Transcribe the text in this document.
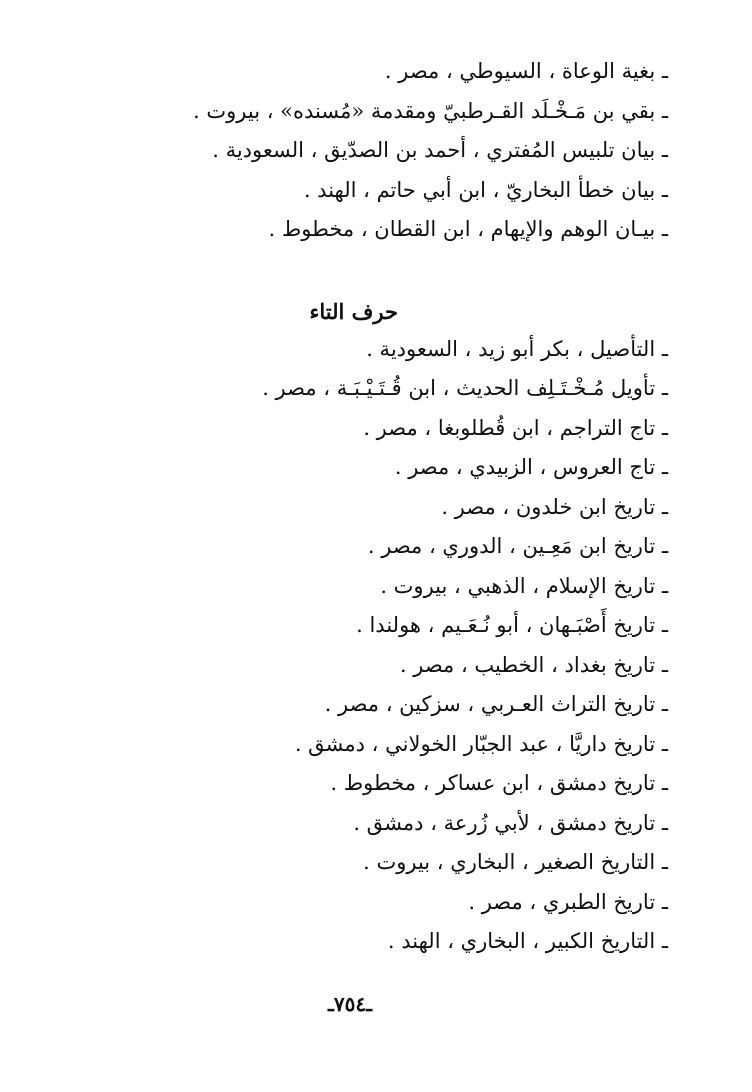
ـ بغية الوعاة ، السيوطي ، مصر .
ـ بقي بن مَـخْـلَد القـرطبيّ ومقدمة «مُسنده» ، بيروت .
ـ بيان تلبيس المُفتري ، أحمد بن الصدّيق ، السعودية .
ـ بيان خطأ البخاريّ ، ابن أبي حاتم ، الهند .
ـ بيـان الوهم والإيهام ، ابن القطان ، مخطوط .
حرف التاء
ـ التأصيل ، بكر أبو زيد ، السعودية .
ـ تأويل مُـخْـتَـلِف الحديث ، ابن قُـتَـيْـبَـة ، مصر .
ـ تاج التراجم ، ابن قُطلوبغا ، مصر .
ـ تاج العروس ، الزبيدي ، مصر .
ـ تاريخ ابن خلدون ، مصر .
ـ تاريخ ابن مَعِـين ، الدوري ، مصر .
ـ تاريخ الإسلام ، الذهبي ، بيروت .
ـ تاريخ أَصْبَـهان ، أبو نُـعَـيم ، هولندا .
ـ تاريخ بغداد ، الخطيب ، مصر .
ـ تاريخ التراث العـربي ، سزكين ، مصر .
ـ تاريخ داريَّا ، عبد الجبّار الخولاني ، دمشق .
ـ تاريخ دمشق ، ابن عساكر ، مخطوط .
ـ تاريخ دمشق ، لأبي زُرعة ، دمشق .
ـ التاريخ الصغير ، البخاري ، بيروت .
ـ تاريخ الطبري ، مصر .
ـ التاريخ الكبير ، البخاري ، الهند .
ـ٧٥٤ـ
